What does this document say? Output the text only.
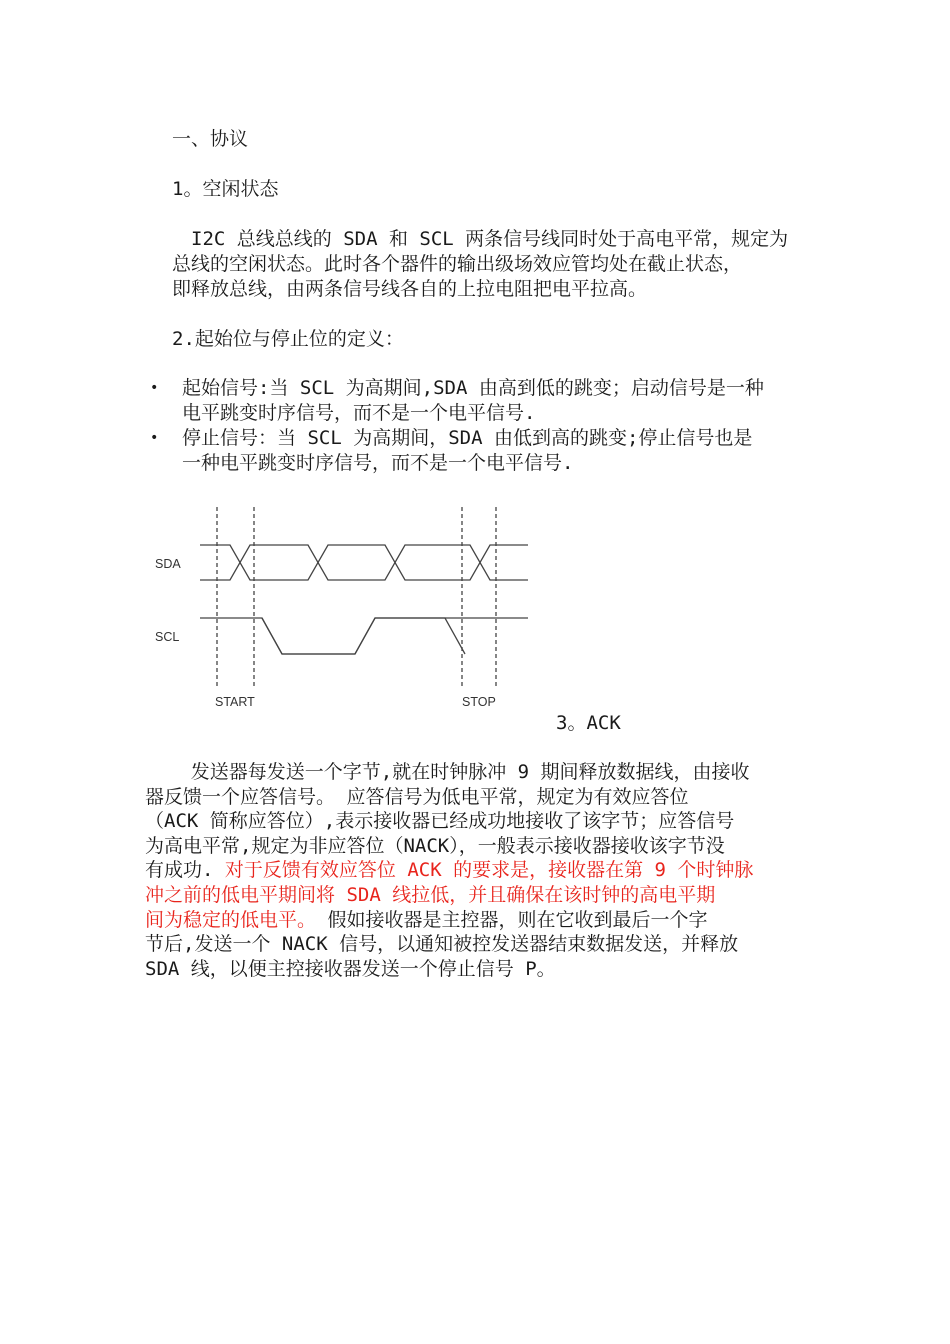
一、协议
1。空闲状态
I2C 总线总线的 SDA 和 SCL 两条信号线同时处于高电平常，规定为
总线的空闲状态。此时各个器件的输出级场效应管均处在截止状态，
即释放总线，由两条信号线各自的上拉电阻把电平拉高。
2.起始位与停止位的定义：
• 起始信号:当 SCL 为高期间,SDA 由高到低的跳变；启动信号是一种
电平跳变时序信号，而不是一个电平信号.
• 停止信号：当 SCL 为高期间，SDA 由低到高的跳变;停止信号也是
一种电平跳变时序信号，而不是一个电平信号.
SDA
SCL
START	STOP
3。ACK
发送器每发送一个字节,就在时钟脉冲 9 期间释放数据线，由接收
器反馈一个应答信号。 应答信号为低电平常，规定为有效应答位
（ACK 简称应答位）,表示接收器已经成功地接收了该字节；应答信号
为高电平常,规定为非应答位（NACK），一般表示接收器接收该字节没
有成功. 对于反馈有效应答位 ACK 的要求是，接收器在第 9 个时钟脉
冲之前的低电平期间将 SDA 线拉低，并且确保在该时钟的高电平期
间为稳定的低电平。 假如接收器是主控器，则在它收到最后一个字
节后,发送一个 NACK 信号，以通知被控发送器结束数据发送，并释放
SDA 线，以便主控接收器发送一个停止信号 P。
